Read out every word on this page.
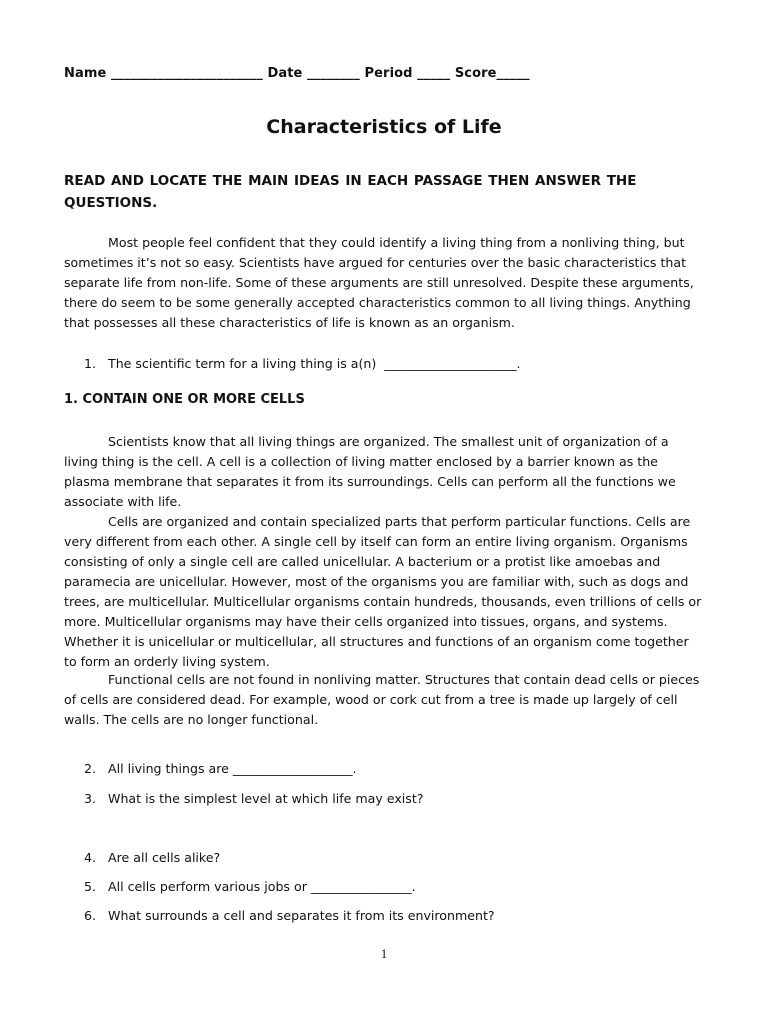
Name _______________________ Date ________ Period _____ Score_____
Characteristics of Life
READ AND LOCATE THE MAIN IDEAS IN EACH PASSAGE THEN ANSWER THE QUESTIONS.
Most people feel confident that they could identify a living thing from a nonliving thing, but sometimes it’s not so easy. Scientists have argued for centuries over the basic characteristics that separate life from non-life. Some of these arguments are still unresolved. Despite these arguments, there do seem to be some generally accepted characteristics common to all living things. Anything that possesses all these characteristics of life is known as an organism.
1. The scientific term for a living thing is a(n)  _____________________.
1. CONTAIN ONE OR MORE CELLS
Scientists know that all living things are organized. The smallest unit of organization of a living thing is the cell. A cell is a collection of living matter enclosed by a barrier known as the plasma membrane that separates it from its surroundings. Cells can perform all the functions we associate with life.
Cells are organized and contain specialized parts that perform particular functions. Cells are very different from each other. A single cell by itself can form an entire living organism. Organisms consisting of only a single cell are called unicellular. A bacterium or a protist like amoebas and paramecia are unicellular. However, most of the organisms you are familiar with, such as dogs and trees, are multicellular. Multicellular organisms contain hundreds, thousands, even trillions of cells or more. Multicellular organisms may have their cells organized into tissues, organs, and systems. Whether it is unicellular or multicellular, all structures and functions of an organism come together to form an orderly living system.
Functional cells are not found in nonliving matter. Structures that contain dead cells or pieces of cells are considered dead. For example, wood or cork cut from a tree is made up largely of cell walls. The cells are no longer functional.
2. All living things are ___________________.
3. What is the simplest level at which life may exist?
4. Are all cells alike?
5. All cells perform various jobs or ________________.
6. What surrounds a cell and separates it from its environment?
1
